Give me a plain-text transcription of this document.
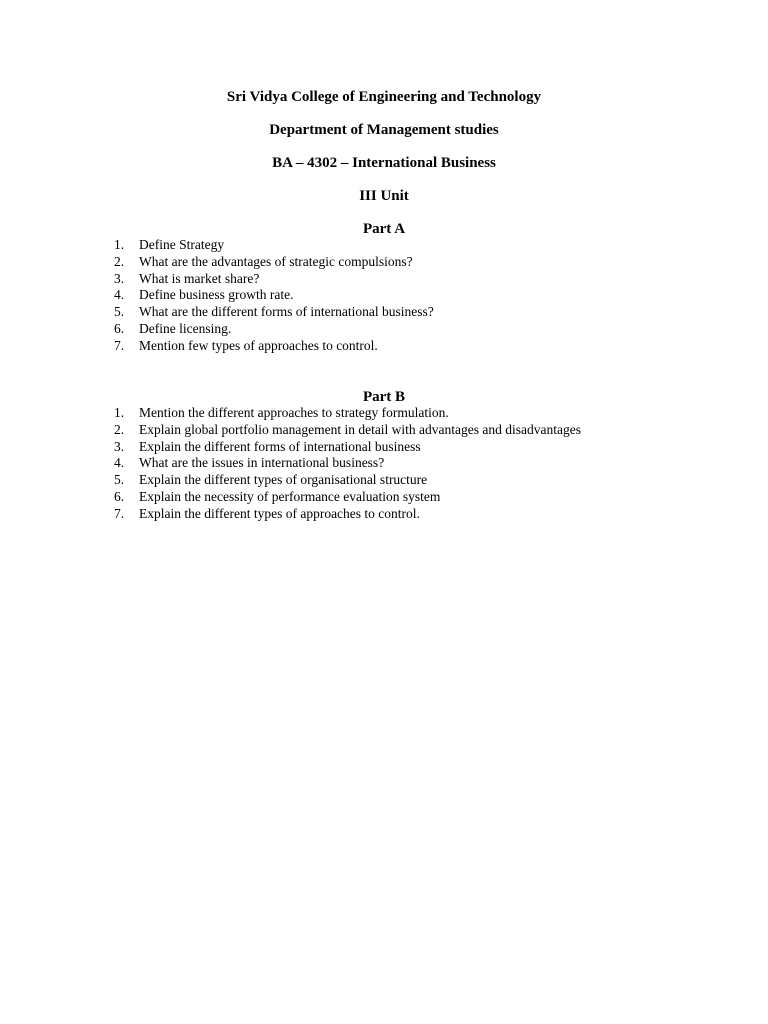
Sri Vidya College of Engineering and Technology
Department of Management studies
BA – 4302 – International Business
III Unit
Part A
1.	Define Strategy
2.	What are the advantages of strategic compulsions?
3.	What is market share?
4.	Define business growth rate.
5.	What are the different forms of international business?
6.	Define licensing.
7.	Mention few types of approaches to control.
Part B
1.	Mention the different approaches to strategy formulation.
2.	Explain global portfolio management in detail with advantages and disadvantages
3.	Explain the different forms of international business
4.	What are the issues in international business?
5.	Explain the different types of organisational structure
6.	Explain the necessity of performance evaluation system
7.	Explain the different types of approaches to control.
